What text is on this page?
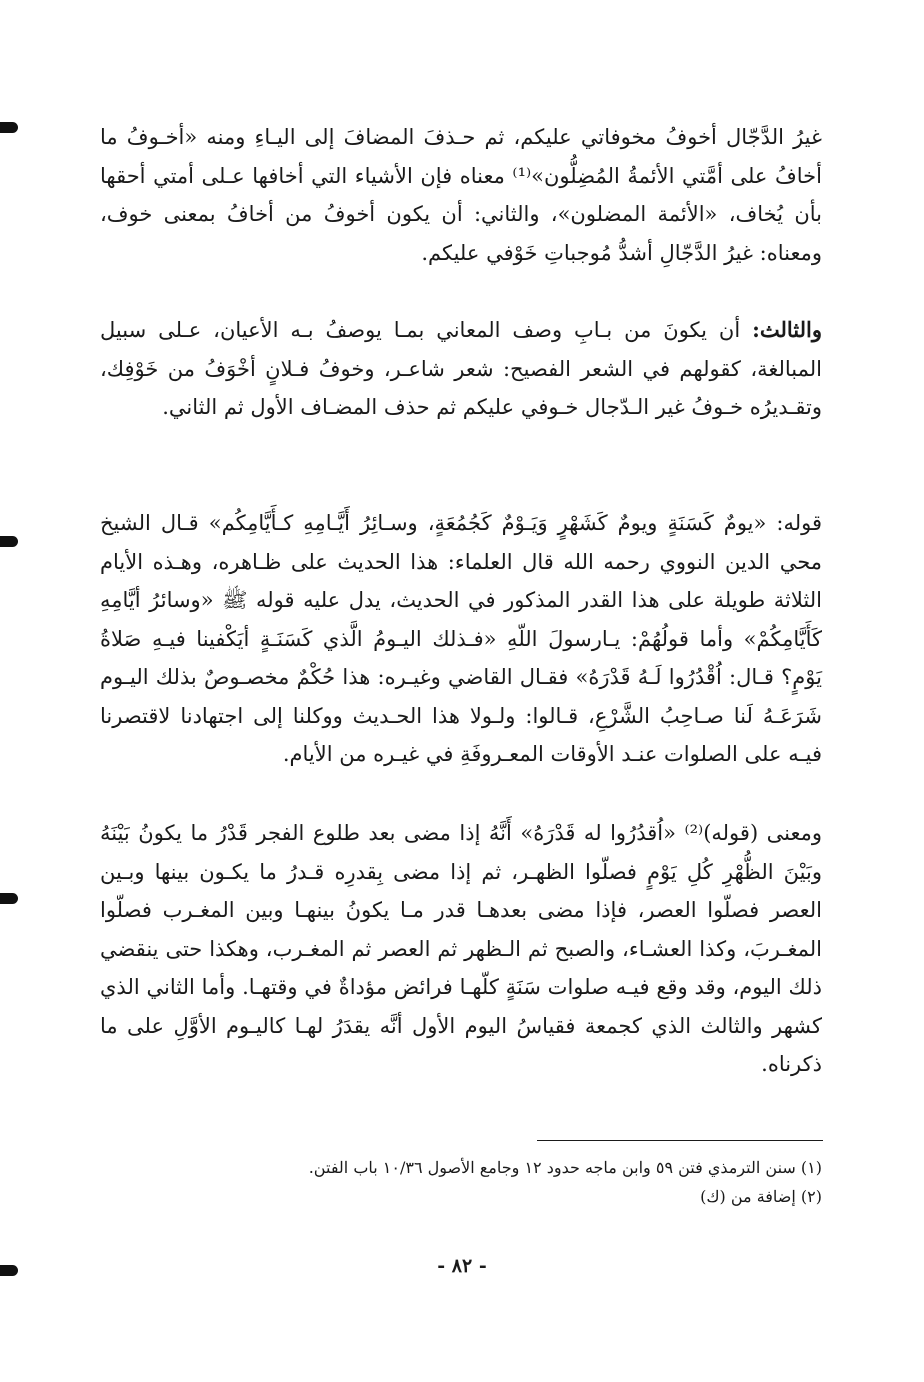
غيرُ الدَّجّال أخوفُ مخوفاتي عليكم، ثم حـذفَ المضافَ إلى اليـاءِ ومنه «أخـوفُ ما أخافُ على أمَّتي الأئمةُ المُضِلُّون»⁽¹⁾ معناه فإن الأشياء التي أخافها عـلى أمتي أحقها بأن يُخاف، «الأئمة المضلون»، والثاني: أن يكون أخوفُ من أخافُ بمعنى خوف، ومعناه: غيرُ الدَّجّالِ أشدُّ مُوجباتِ خَوْفي عليكم.

والثالث: أن يكونَ من بـابِ وصف المعاني بمـا يوصفُ بـه الأعيان، عـلى سبيل المبالغة، كقولهم في الشعر الفصيح: شعر شاعـر، وخوفُ فـلانٍ أخْوَفُ من خَوْفِك، وتقـديرُه خـوفُ غير الـدّجال خـوفي عليكم ثم حذف المضـاف الأول ثم الثاني.

قوله: «يومٌ كَسَنَةٍ ويومٌ كَشَهْرٍ وَيَـوْمٌ كَجُمُعَةٍ، وسـائِرُ أَيَّـامِهِ كـأَيَّامِكُم» قـال الشيخ محي الدين النووي رحمه الله قال العلماء: هذا الحديث على ظـاهره، وهـذه الأيام الثلاثة طويلة على هذا القدر المذكور في الحديث، يدل عليه قوله ﷺ «وسائرُ أيَّامِهِ كَأَيَّامِكُمْ» وأما قولُهُمْ: يـارسولَ اللّهِ «فـذلك اليـومُ الَّذي كَسَنَـةٍ أيَكْفينا فيـهِ صَلاةُ يَوْمٍ؟ قـال: اُقْدُرُوا لَـهُ قَدْرَهُ» فقـال القاضي وغيـره: هذا حُكْمٌ مخصـوصٌ بذلك اليـوم شَرَعَـهُ لَنا صـاحِبُ الشَّرْعِ، قـالوا: ولـولا هذا الحـديث ووكلنا إلى اجتهادنا لاقتصرنا فيـه على الصلوات عنـد الأوقات المعـروفَةِ في غيـره من الأيام.

ومعنى (قوله)⁽²⁾ «اُقدُرُوا له قَدْرَهُ» أَنَّهُ إذا مضى بعد طلوع الفجر قَدْرُ ما يكونُ بَيْنَهُ وبَيْنَ الظُّهْرِ كُلِ يَوْمٍ فصلّوا الظهـر، ثم إذا مضى بِقدرِه قـدرُ ما يكـون بينها وبـين العصر فصلّوا العصر، فإذا مضى بعدهـا قدر مـا يكونُ بينهـا وبين المغـرب فصلّوا المغـربَ، وكذا العشـاء، والصبح ثم الـظهر ثم العصر ثم المغـرب، وهكذا حتى ينقضي ذلك اليوم، وقد وقع فيـه صلوات سَنَةٍ كلّهـا فرائض مؤداةٌ في وقتهـا. وأما الثاني الذي كشهر والثالث الذي كجمعة فقياسُ اليوم الأول أنَّه يقدَرُ لهـا كاليـوم الأوَّلِ على ما ذكرناه.

(١) سنن الترمذي فتن ٥٩ وابن ماجه حدود ١٢ وجامع الأصول ١٠/٣٦ باب الفتن.
(٢) إضافة من (ك)
- ٨٢ -
